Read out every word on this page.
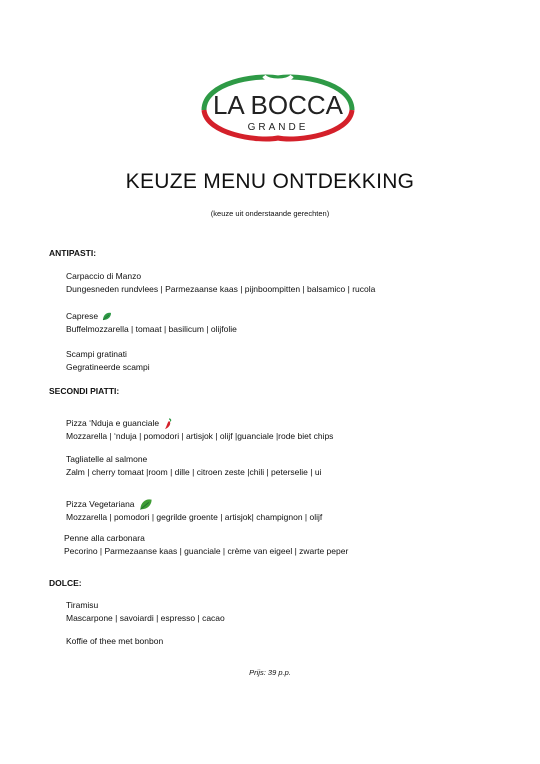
LA BOCCA
GRANDE
KEUZE MENU ONTDEKKING
(keuze uit onderstaande gerechten)
ANTIPASTI:
Carpaccio di Manzo
Dungesneden rundvlees | Parmezaanse kaas | pijnboompitten | balsamico | rucola
Caprese
Buffelmozzarella | tomaat | basilicum | olijfolie
Scampi gratinati
Gegratineerde scampi
SECONDI PIATTI:
Pizza ‘Nduja e guanciale
Mozzarella | ‘nduja | pomodori | artisjok | olijf |guanciale |rode biet chips
Tagliatelle al salmone
Zalm | cherry tomaat |room | dille | citroen zeste |chili | peterselie | ui
Pizza Vegetariana
Mozzarella | pomodori | gegrilde groente | artisjok| champignon | olijf
Penne alla carbonara
Pecorino | Parmezaanse kaas | guanciale | crème van eigeel | zwarte peper
DOLCE:
Tiramisu
Mascarpone | savoiardi | espresso | cacao
Koffie of thee met bonbon
Prijs: 39 p.p.
